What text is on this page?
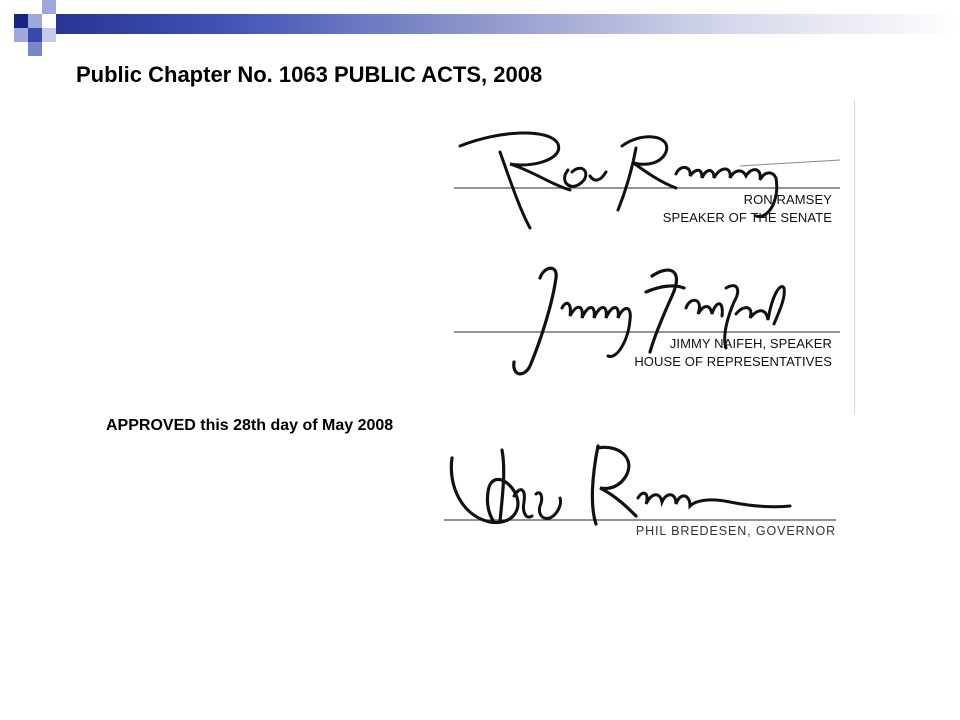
Public Chapter No. 1063 PUBLIC ACTS, 2008
RON RAMSEY
SPEAKER OF THE SENATE
JIMMY NAIFEH, SPEAKER
HOUSE OF REPRESENTATIVES
APPROVED this 28th day of May 2008
PHIL BREDESEN, GOVERNOR
